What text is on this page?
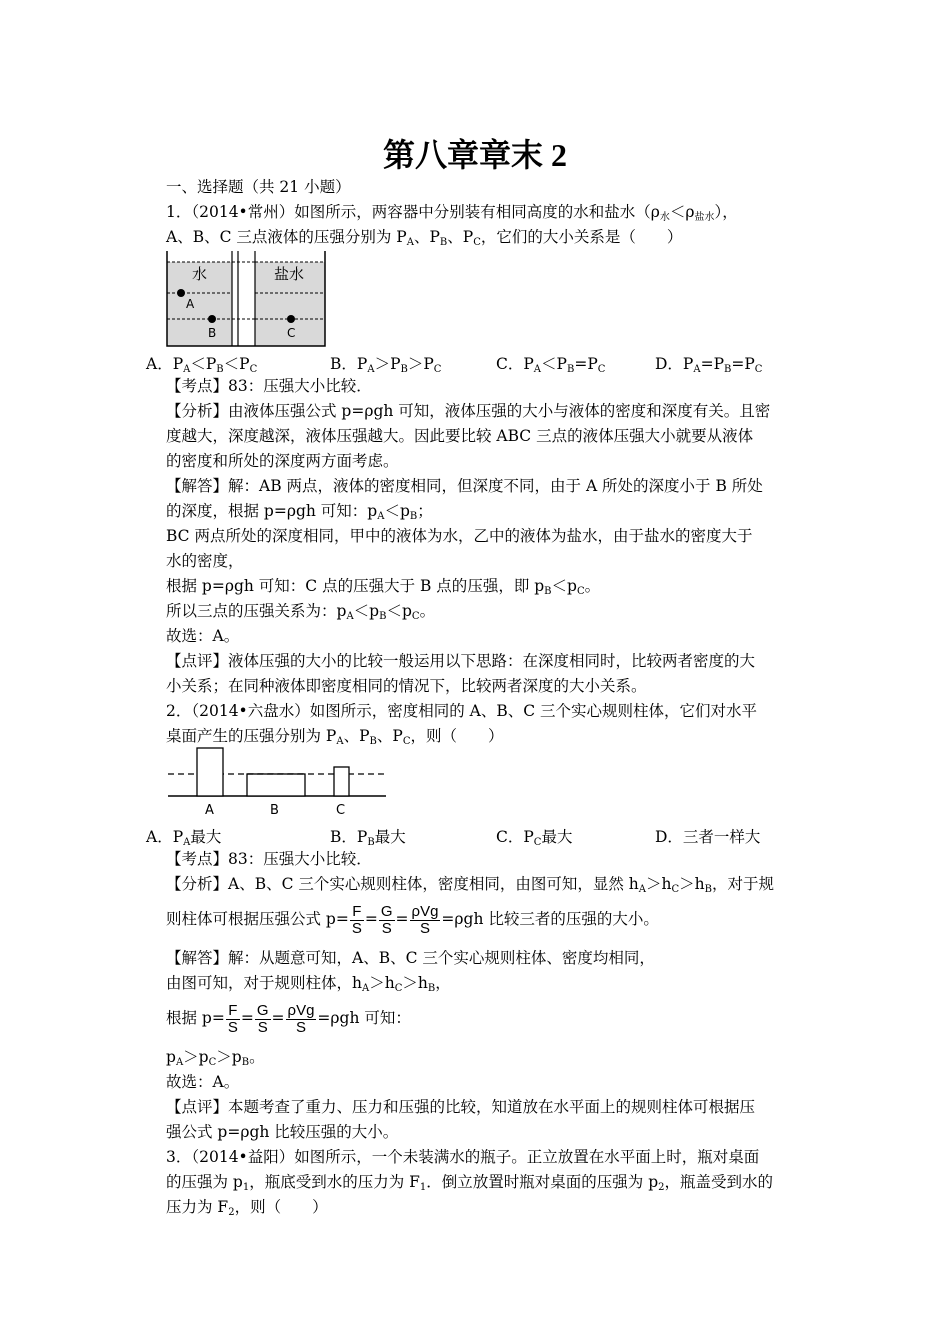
第八章章末 2
一、选择题（共 21 小题）
1．（2014•常州）如图所示，两容器中分别装有相同高度的水和盐水$(\rho_水<\rho_{盐水})$，
A、B、C 三点液体的压强分别为 $P_A$、$P_B$、$P_C$，它们的大小关系是（　　）
水	盐水
A
B	C
A．$P_A<P_B<P_C$	B．$P_A>P_B>P_C$	C．$P_A<P_B=P_C$	D．$P_A=P_B=P_C$
【考点】83：压强大小比较．
【分析】由液体压强公式 p=ρgh 可知，液体压强的大小与液体的密度和深度有关。且密
度越大，深度越深，液体压强越大。因此要比较 ABC 三点的液体压强大小就要从液体
的密度和所处的深度两方面考虑。
【解答】解：AB 两点，液体的密度相同，但深度不同，由于 A 所处的深度小于 B 所处
的深度，根据 p=ρgh 可知：$p_A<p_B$；
BC 两点所处的深度相同，甲中的液体为水，乙中的液体为盐水，由于盐水的密度大于
水的密度，
根据 p=ρgh 可知：C 点的压强大于 B 点的压强，即 $p_B<p_C$。
所以三点的压强关系为：$p_A<p_B<p_C$。
故选：A。
【点评】液体压强的大小的比较一般运用以下思路：在深度相同时，比较两者密度的大
小关系；在同种液体即密度相同的情况下，比较两者深度的大小关系。
2．（2014•六盘水）如图所示，密度相同的 A、B、C 三个实心规则柱体，它们对水平
桌面产生的压强分别为 $P_A$、$P_B$、$P_C$，则（　　）
A	B	C
A．$P_A$最大	B．$P_B$最大	C．$P_C$最大	D．三者一样大
【考点】83：压强大小比较．
【分析】A、B、C 三个实心规则柱体，密度相同，由图可知，显然 $h_A>h_C>h_B$，对于规
则柱体可根据压强公式 $p= \frac{F}{S} = \frac{G}{S} = \frac{\text{ρVg}}{S} =\rho gh$ 比较三者的压强的大小。
【解答】解：从题意可知，A、B、C 三个实心规则柱体、密度均相同，
由图可知，对于规则柱体，$h_A>h_C>h_B$，
根据 $p= \frac{F}{S} = \frac{G}{S} = \frac{\text{ρVg}}{S} =\rho gh$ 可知：
$p_A>p_C>p_B$。
故选：A。
【点评】本题考查了重力、压力和压强的比较，知道放在水平面上的规则柱体可根据压
强公式 p=ρgh 比较压强的大小。
3．（2014•益阳）如图所示，一个未装满水的瓶子。正立放置在水平面上时，瓶对桌面
的压强为 $p_1$，瓶底受到水的压力为 $F_1$．倒立放置时瓶对桌面的压强为 $p_2$，瓶盖受到水的
压力为 $F_2$，则（　　）
